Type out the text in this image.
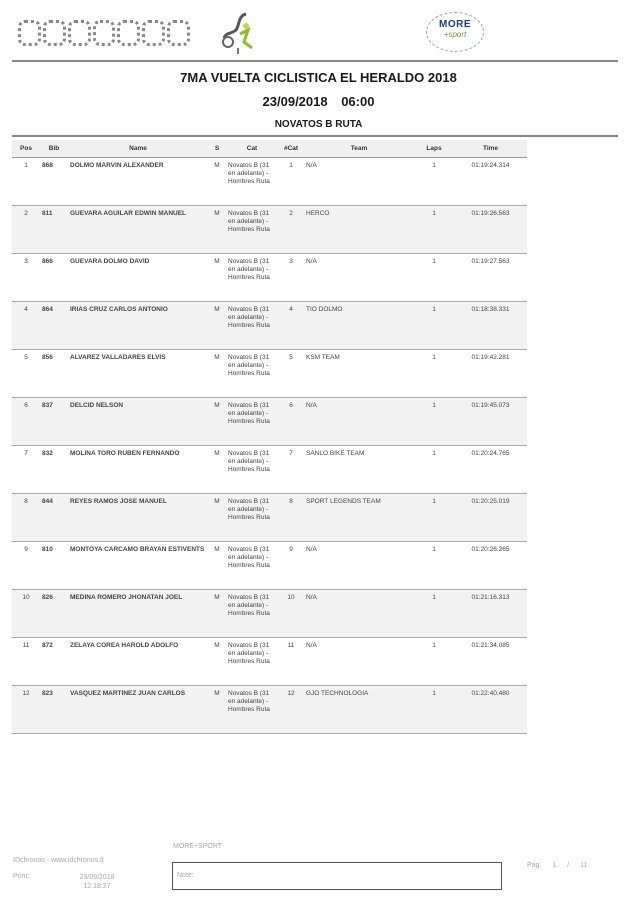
MORE
+sport
7MA VUELTA CICLISTICA EL HERALDO 2018
23/09/2018 06:00
NOVATOS B RUTA
Pos	Bib	Name	S	Cat	#Cat	Team	Laps	Time
1	868	DOLMO MARVIN ALEXANDER	M	Novatos B (31 en adelante) - Hombres Ruta	1	N/A	1	01:19:24.314
2	811	GUEVARA AGUILAR EDWIN MANUEL	M	Novatos B (31 en adelante) - Hombres Ruta	2	HERCO	1	01:19:26.563
3	866	GUEVARA DOLMO DAVID	M	Novatos B (31 en adelante) - Hombres Ruta	3	N/A	1	01:19:27.563
4	864	IRIAS CRUZ CARLOS ANTONIO	M	Novatos B (31 en adelante) - Hombres Ruta	4	TIO DOLMO	1	01:18:38.331
5	856	ALVAREZ VALLADARES ELVIS	M	Novatos B (31 en adelante) - Hombres Ruta	5	KSM TEAM	1	01:19:42.281
6	837	DELCID NELSON	M	Novatos B (31 en adelante) - Hombres Ruta	6	N/A	1	01:19:45.073
7	832	MOLINA TORO RUBEN FERNANDO	M	Novatos B (31 en adelante) - Hombres Ruta	7	SANLO BIKE TEAM	1	01:20:24.765
8	844	REYES RAMOS JOSE MANUEL	M	Novatos B (31 en adelante) - Hombres Ruta	8	SPORT LEGENDS TEAM	1	01:20:25.019
9	810	MONTOYA CARCAMO BRAYAN ESTIVENTS	M	Novatos B (31 en adelante) - Hombres Ruta	9	N/A	1	01:20:26.265
10	826	MEDINA ROMERO JHONATAN JOEL	M	Novatos B (31 en adelante) - Hombres Ruta	10	N/A	1	01:21:16.313
11	872	ZELAYA COREA HAROLD ADOLFO	M	Novatos B (31 en adelante) - Hombres Ruta	11	N/A	1	01:21:34.085
12	823	VASQUEZ MARTINEZ JUAN CARLOS	M	Novatos B (31 en adelante) - Hombres Ruta	12	GJO TECHNOLOGIA	1	01:22:40.480
IDchronos - www.idchronos.it
Print:	23/09/2018
12:18:27
MORE+SPORT
Note:
Pag. 1 / 11
